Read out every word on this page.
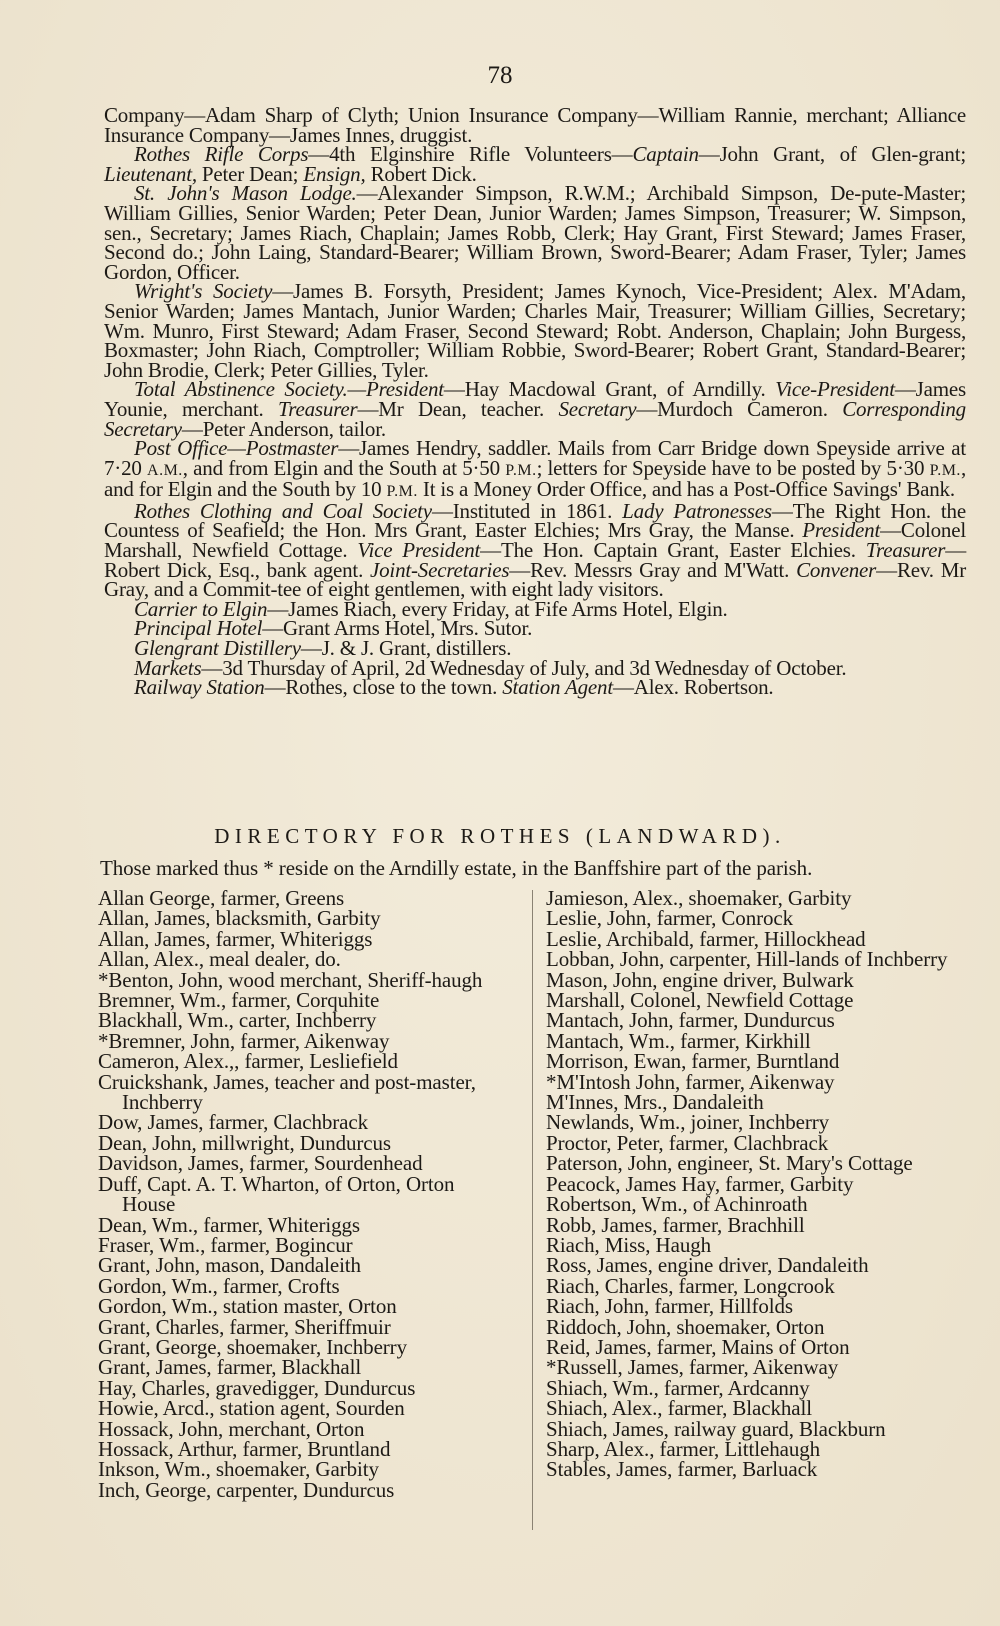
78

Company—Adam Sharp of Clyth; Union Insurance Company—William Rannie, merchant; Alliance Insurance Company—James Innes, druggist.

Rothes Rifle Corps—4th Elginshire Rifle Volunteers—Captain—John Grant, of Glen-grant; Lieutenant, Peter Dean; Ensign, Robert Dick.

St. John's Mason Lodge.—Alexander Simpson, R.W.M.; Archibald Simpson, De-pute-Master; William Gillies, Senior Warden; Peter Dean, Junior Warden; James Simpson, Treasurer; W. Simpson, sen., Secretary; James Riach, Chaplain; James Robb, Clerk; Hay Grant, First Steward; James Fraser, Second do.; John Laing, Standard-Bearer; William Brown, Sword-Bearer; Adam Fraser, Tyler; James Gordon, Officer.

Wright's Society—James B. Forsyth, President; James Kynoch, Vice-President; Alex. M'Adam, Senior Warden; James Mantach, Junior Warden; Charles Mair, Treasurer; William Gillies, Secretary; Wm. Munro, First Steward; Adam Fraser, Second Steward; Robt. Anderson, Chaplain; John Burgess, Boxmaster; John Riach, Comptroller; William Robbie, Sword-Bearer; Robert Grant, Standard-Bearer; John Brodie, Clerk; Peter Gillies, Tyler.

Total Abstinence Society.—President—Hay Macdowal Grant, of Arndilly. Vice-President—James Younie, merchant. Treasurer—Mr Dean, teacher. Secretary—Murdoch Cameron. Corresponding Secretary—Peter Anderson, tailor.

Post Office—Postmaster—James Hendry, saddler. Mails from Carr Bridge down Speyside arrive at 7·20 A.M., and from Elgin and the South at 5·50 P.M.; letters for Speyside have to be posted by 5·30 P.M., and for Elgin and the South by 10 P.M. It is a Money Order Office, and has a Post-Office Savings' Bank.

Rothes Clothing and Coal Society—Instituted in 1861. Lady Patronesses—The Right Hon. the Countess of Seafield; the Hon. Mrs Grant, Easter Elchies; Mrs Gray, the Manse. President—Colonel Marshall, Newfield Cottage. Vice President—The Hon. Captain Grant, Easter Elchies. Treasurer—Robert Dick, Esq., bank agent. Joint-Secretaries—Rev. Messrs Gray and M'Watt. Convener—Rev. Mr Gray, and a Commit-tee of eight gentlemen, with eight lady visitors.

Carrier to Elgin—James Riach, every Friday, at Fife Arms Hotel, Elgin.

Principal Hotel—Grant Arms Hotel, Mrs. Sutor.

Glengrant Distillery—J. & J. Grant, distillers.

Markets—3d Thursday of April, 2d Wednesday of July, and 3d Wednesday of October.

Railway Station—Rothes, close to the town. Station Agent—Alex. Robertson.

DIRECTORY FOR ROTHES (LANDWARD).
Those marked thus * reside on the Arndilly estate, in the Banffshire part of the parish.
Allan George, farmer, Greens
Allan, James, blacksmith, Garbity
Allan, James, farmer, Whiteriggs
Allan, Alex., meal dealer, do.
*Benton, John, wood merchant, Sheriff-haugh
Bremner, Wm., farmer, Corquhite
Blackhall, Wm., carter, Inchberry
*Bremner, John, farmer, Aikenway
Cameron, Alex.,, farmer, Lesliefield
Cruickshank, James, teacher and post-master, Inchberry
Dow, James, farmer, Clachbrack
Dean, John, millwright, Dundurcus
Davidson, James, farmer, Sourdenhead
Duff, Capt. A. T. Wharton, of Orton, Orton House
Dean, Wm., farmer, Whiteriggs
Fraser, Wm., farmer, Bogincur
Grant, John, mason, Dandaleith
Gordon, Wm., farmer, Crofts
Gordon, Wm., station master, Orton
Grant, Charles, farmer, Sheriffmuir
Grant, George, shoemaker, Inchberry
Grant, James, farmer, Blackhall
Hay, Charles, gravedigger, Dundurcus
Howie, Arcd., station agent, Sourden
Hossack, John, merchant, Orton
Hossack, Arthur, farmer, Bruntland
Inkson, Wm., shoemaker, Garbity
Inch, George, carpenter, Dundurcus
Jamieson, Alex., shoemaker, Garbity
Leslie, John, farmer, Conrock
Leslie, Archibald, farmer, Hillockhead
Lobban, John, carpenter, Hill-lands of Inchberry
Mason, John, engine driver, Bulwark
Marshall, Colonel, Newfield Cottage
Mantach, John, farmer, Dundurcus
Mantach, Wm., farmer, Kirkhill
Morrison, Ewan, farmer, Burntland
*M'Intosh John, farmer, Aikenway
M'Innes, Mrs., Dandaleith
Newlands, Wm., joiner, Inchberry
Proctor, Peter, farmer, Clachbrack
Paterson, John, engineer, St. Mary's Cottage
Peacock, James Hay, farmer, Garbity
Robertson, Wm., of Achinroath
Robb, James, farmer, Brachhill
Riach, Miss, Haugh
Ross, James, engine driver, Dandaleith
Riach, Charles, farmer, Longcrook
Riach, John, farmer, Hillfolds
Riddoch, John, shoemaker, Orton
Reid, James, farmer, Mains of Orton
*Russell, James, farmer, Aikenway
Shiach, Wm., farmer, Ardcanny
Shiach, Alex., farmer, Blackhall
Shiach, James, railway guard, Blackburn
Sharp, Alex., farmer, Littlehaugh
Stables, James, farmer, Barluack
